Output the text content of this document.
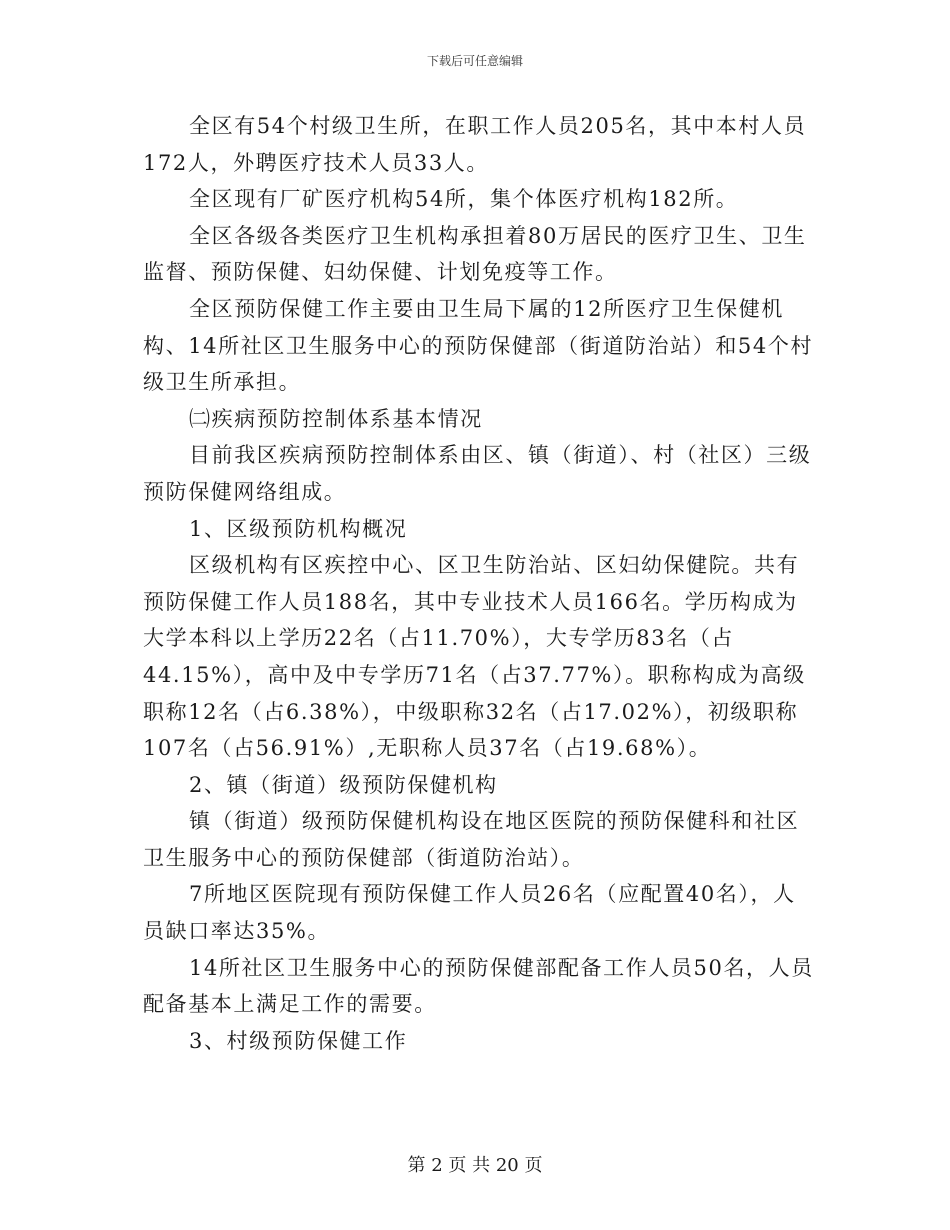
下载后可任意编辑

全区有54个村级卫生所，在职工作人员205名，其中本村人员172人，外聘医疗技术人员33人。

全区现有厂矿医疗机构54所，集个体医疗机构182所。

全区各级各类医疗卫生机构承担着80万居民的医疗卫生、卫生监督、预防保健、妇幼保健、计划免疫等工作。

全区预防保健工作主要由卫生局下属的12所医疗卫生保健机构、14所社区卫生服务中心的预防保健部（街道防治站）和54个村级卫生所承担。

㈡疾病预防控制体系基本情况

目前我区疾病预防控制体系由区、镇（街道）、村（社区）三级预防保健网络组成。

1、区级预防机构概况

区级机构有区疾控中心、区卫生防治站、区妇幼保健院。共有预防保健工作人员188名，其中专业技术人员166名。学历构成为大学本科以上学历22名（占11.70%），大专学历83名（占44.15%），高中及中专学历71名（占37.77%）。职称构成为高级职称12名（占6.38%），中级职称32名（占17.02%），初级职称107名（占56.91%）,无职称人员37名（占19.68%）。

2、镇（街道）级预防保健机构

镇（街道）级预防保健机构设在地区医院的预防保健科和社区卫生服务中心的预防保健部（街道防治站）。

7所地区医院现有预防保健工作人员26名（应配置40名），人员缺口率达35%。

14所社区卫生服务中心的预防保健部配备工作人员50名，人员配备基本上满足工作的需要。

3、村级预防保健工作

第 2 页 共 20 页
